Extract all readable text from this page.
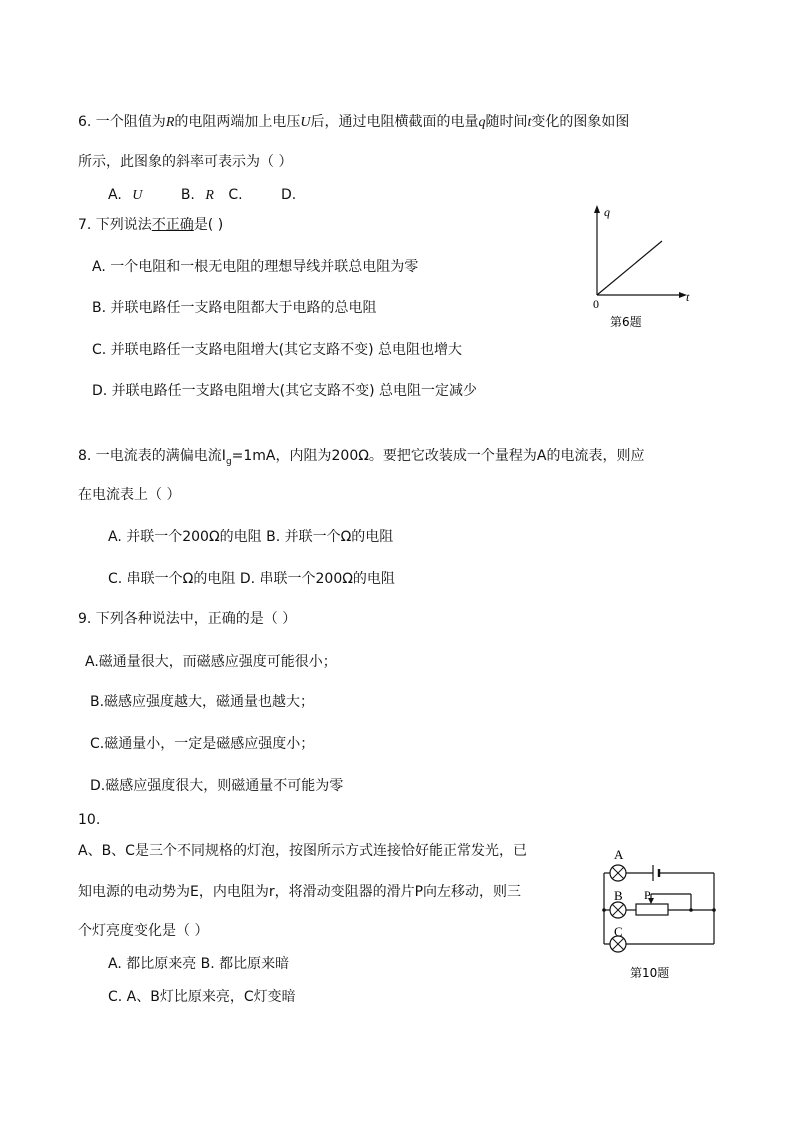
6. 一个阻值为R的电阻两端加上电压U后，通过电阻横截面的电量q随时间t变化的图象如图
所示，此图象的斜率可表示为（ ）
A. U	B. R C.	D.
q
t
0
第6题
7. 下列说法不正确是( )
A. 一个电阻和一根无电阻的理想导线并联总电阻为零
B. 并联电路任一支路电阻都大于电路的总电阻
C. 并联电路任一支路电阻增大(其它支路不变) 总电阻也增大
D. 并联电路任一支路电阻增大(其它支路不变) 总电阻一定减少
8. 一电流表的满偏电流$I_g=1mA$，内阻为200Ω。要把它改装成一个量程为A的电流表，则应
在电流表上（ ）
A. 并联一个200Ω的电阻 B. 并联一个Ω的电阻
C. 串联一个Ω的电阻 D. 串联一个200Ω的电阻
9. 下列各种说法中，正确的是（ ）
A.磁通量很大，而磁感应强度可能很小；
B.磁感应强度越大，磁通量也越大；
C.磁通量小，一定是磁感应强度小；
D.磁感应强度很大，则磁通量不可能为零
10.
A、B、C是三个不同规格的灯泡，按图所示方式连接恰好能正常发光，已
知电源的电动势为E，内电阻为r，将滑动变阻器的滑片P向左移动，则三
个灯亮度变化是（ ）
A. 都比原来亮 B. 都比原来暗
C. A、B灯比原来亮，C灯变暗
A
B P
C
第10题
